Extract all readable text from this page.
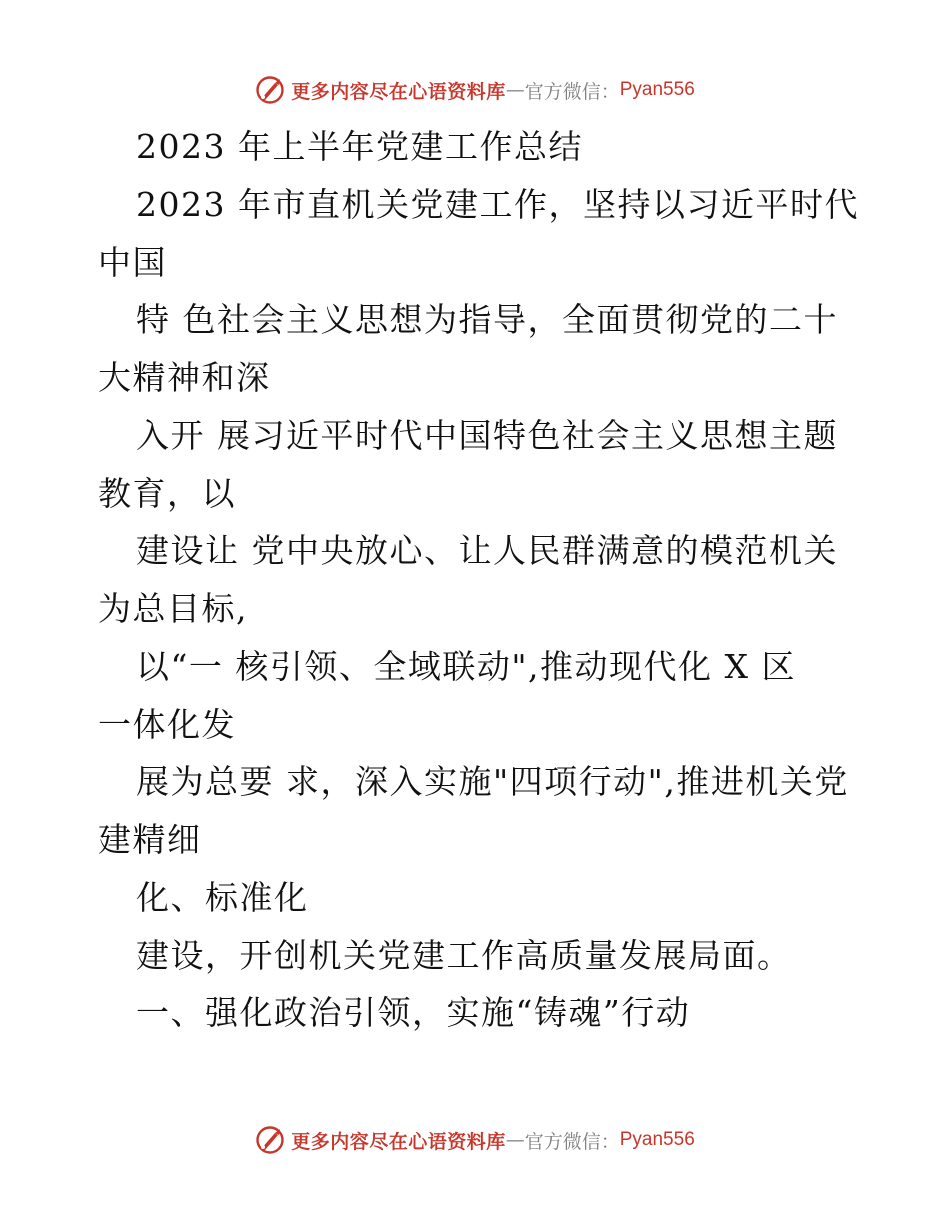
更多内容尽在心语资料库 — 官方微信： Pyan556
2023 年上半年党建工作总结
2023 年市直机关党建工作，坚持以习近平时代
中国
特 色社会主义思想为指导，全面贯彻党的二十
大精神和深
入开 展习近平时代中国特色社会主义思想主题
教育，以
建设让 党中央放心、让人民群满意的模范机关
为总目标,
以“一 核引领、全域联动",推动现代化 X 区
一体化发
展为总要 求，深入实施"四项行动",推进机关党
建精细
化、标准化
建设，开创机关党建工作高质量发展局面。
一、强化政治引领，实施“铸魂”行动
更多内容尽在心语资料库 — 官方微信： Pyan556
